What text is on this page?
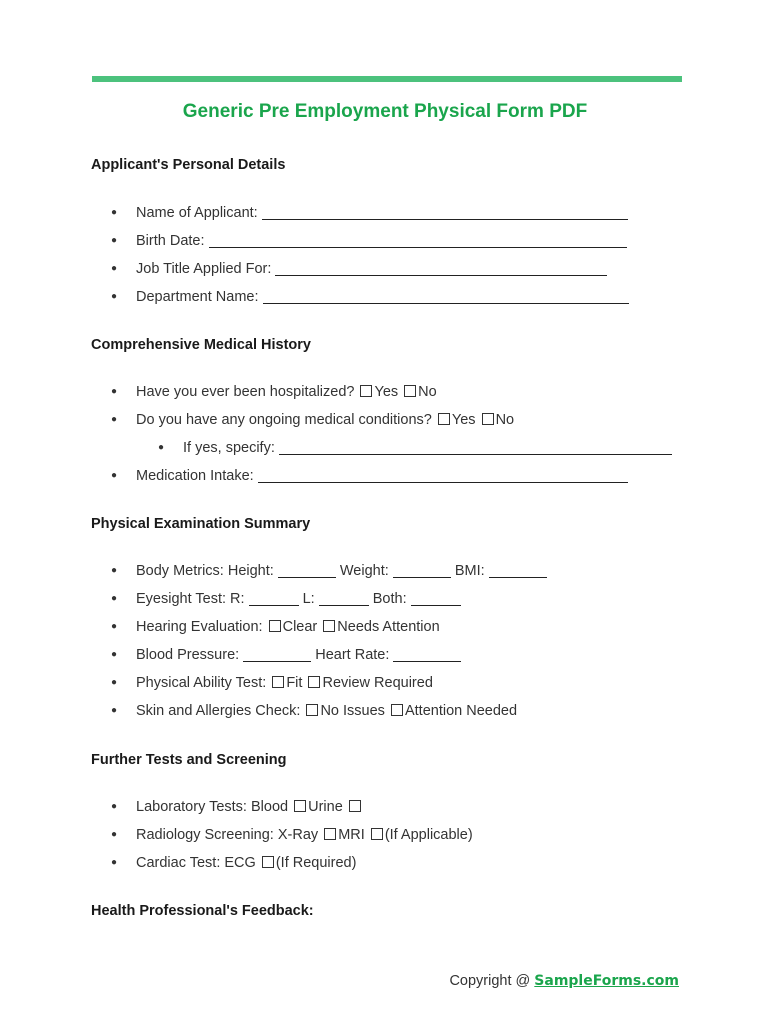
Generic Pre Employment Physical Form PDF
Applicant's Personal Details
● Name of Applicant:
● Birth Date:
● Job Title Applied For:
● Department Name:
Comprehensive Medical History
● Have you ever been hospitalized? Yes No
● Do you have any ongoing medical conditions? Yes No
● If yes, specify:
● Medication Intake:
Physical Examination Summary
● Body Metrics: Height:	Weight:	BMI:
● Eyesight Test: R:	L:	Both:
● Hearing Evaluation: Clear Needs Attention
● Blood Pressure:	Heart Rate:
● Physical Ability Test: Fit Review Required
● Skin and Allergies Check: No Issues Attention Needed
Further Tests and Screening
● Laboratory Tests: Blood Urine
● Radiology Screening: X-Ray MRI (If Applicable)
● Cardiac Test: ECG (If Required)
Health Professional's Feedback:
Copyright @ SampleForms.com
